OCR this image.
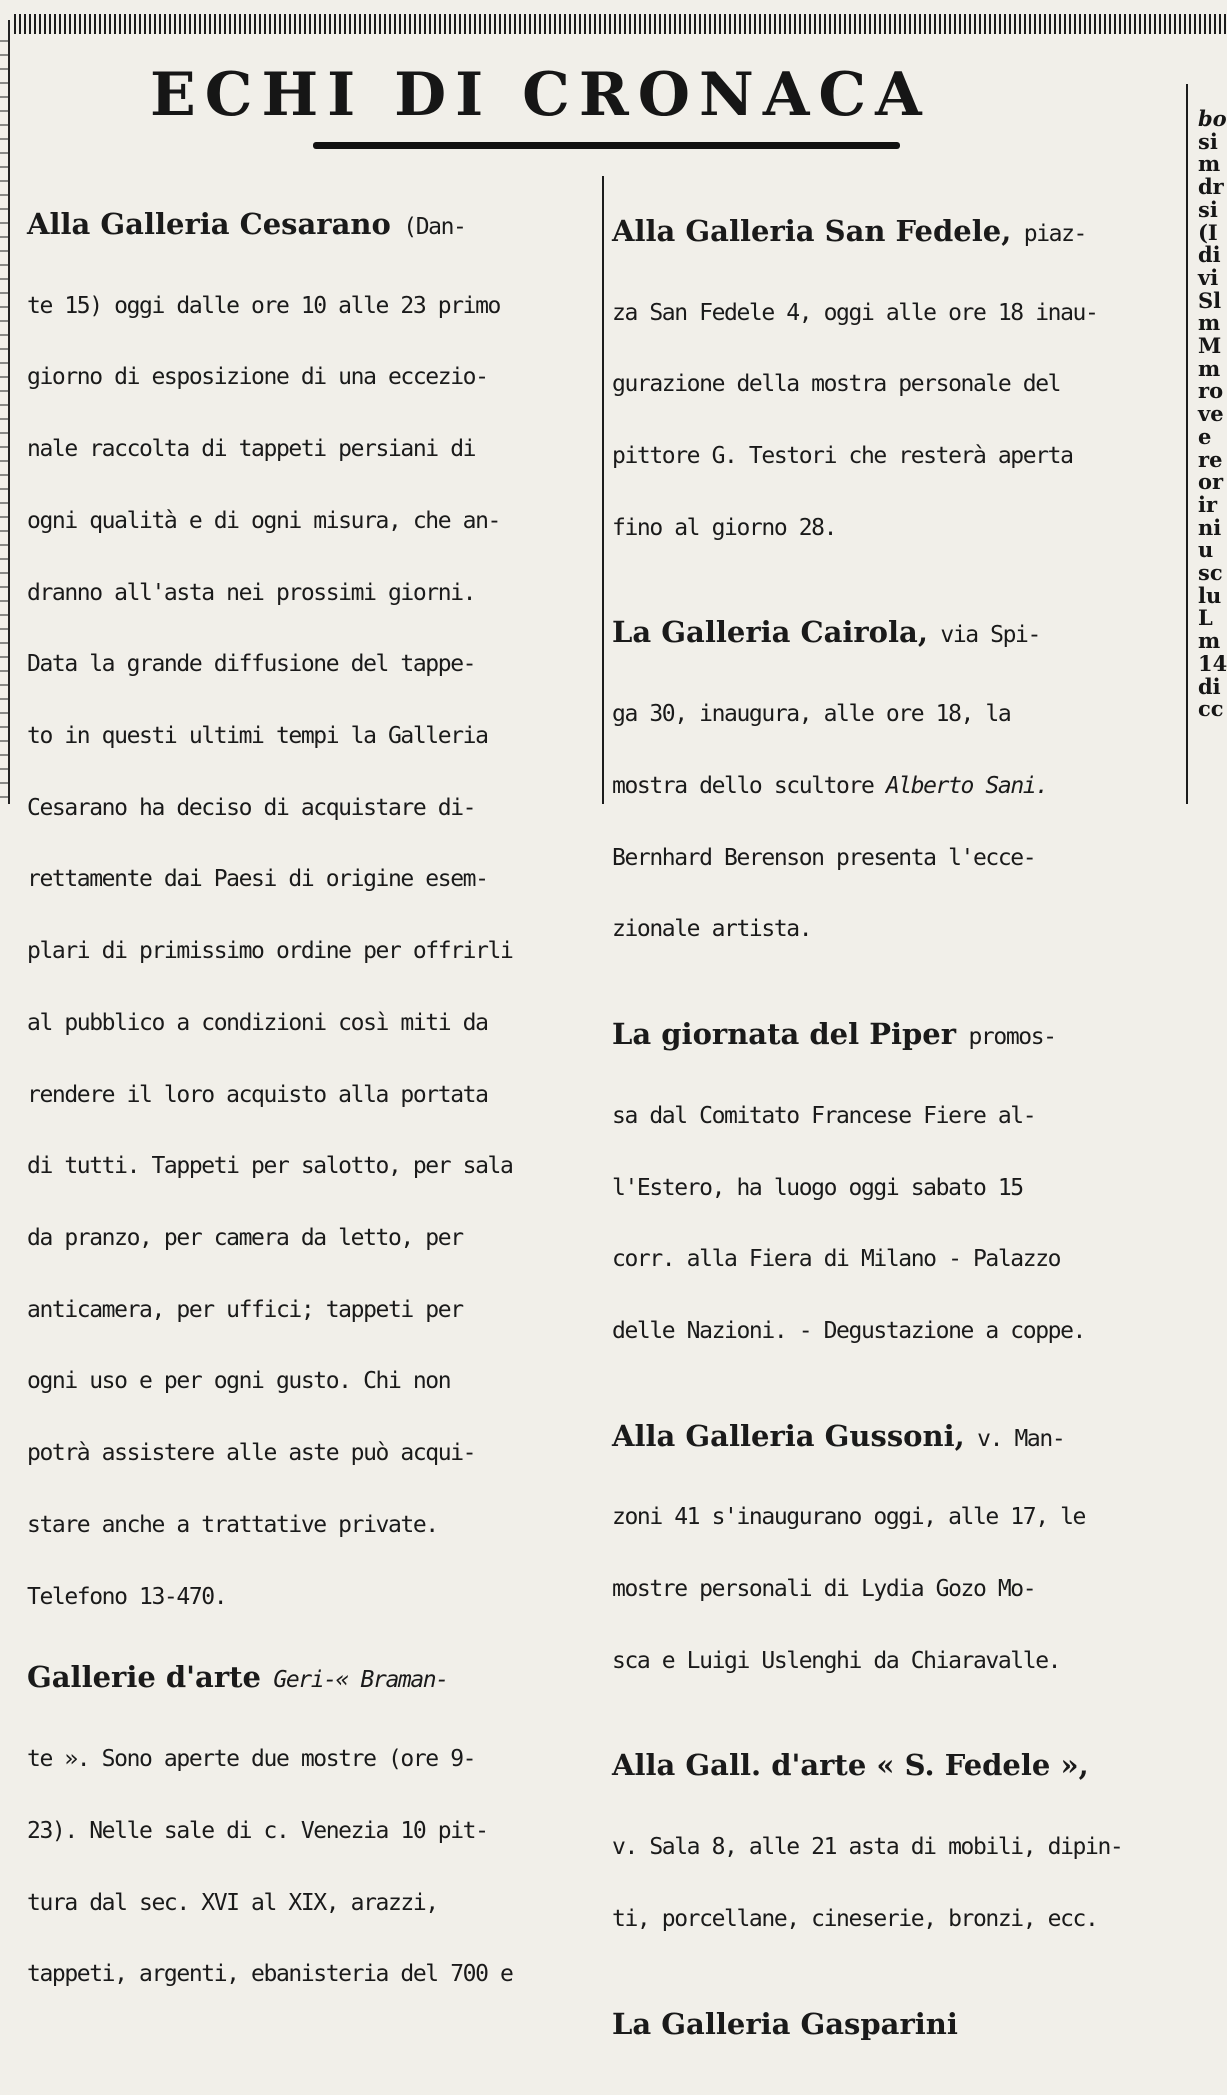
ECHI DI CRONACA

Alla Galleria Cesarano (Dan-

te 15) oggi dalle ore 10 alle 23 primo

giorno di esposizione di una eccezio-

nale raccolta di tappeti persiani di

ogni qualità e di ogni misura, che an-

dranno all'asta nei prossimi giorni.

Data la grande diffusione del tappe-

to in questi ultimi tempi la Galleria

Cesarano ha deciso di acquistare di-

rettamente dai Paesi di origine esem-

plari di primissimo ordine per offrirli

al pubblico a condizioni così miti da

rendere il loro acquisto alla portata

di tutti. Tappeti per salotto, per sala

da pranzo, per camera da letto, per

anticamera, per uffici; tappeti per

ogni uso e per ogni gusto. Chi non

potrà assistere alle aste può acqui-

stare anche a trattative private.

Telefono 13-470.

Gallerie d'arte Geri-« Braman-

te ». Sono aperte due mostre (ore 9-

23). Nelle sale di c. Venezia 10 pit-

tura dal sec. XVI al XIX, arazzi,

tappeti, argenti, ebanisteria del 700 e

Alla Galleria San Fedele, piaz-

za San Fedele 4, oggi alle ore 18 inau-

gurazione della mostra personale del

pittore G. Testori che resterà aperta

fino al giorno 28.

La Galleria Cairola, via Spi-

ga 30, inaugura, alle ore 18, la

mostra dello scultore Alberto Sani.

Bernhard Berenson presenta l'ecce-

zionale artista.

La giornata del Piper promos-

sa dal Comitato Francese Fiere al-

l'Estero, ha luogo oggi sabato 15

corr. alla Fiera di Milano - Palazzo

delle Nazioni. - Degustazione a coppe.

Alla Galleria Gussoni, v. Man-

zoni 41 s'inaugurano oggi, alle 17, le

mostre personali di Lydia Gozo Mo-

sca e Luigi Uslenghi da Chiaravalle.

Alla Gall. d'arte « S. Fedele »,

v. Sala 8, alle 21 asta di mobili, dipin-

ti, porcellane, cineserie, bronzi, ecc.

La Galleria Gasparini

bo
si
m
dr
si
(I
di
vi
Sl
m
M
m
ro
ve
e
re
or
ir
ni
u
sc
lu
L
m
14
di
cc
